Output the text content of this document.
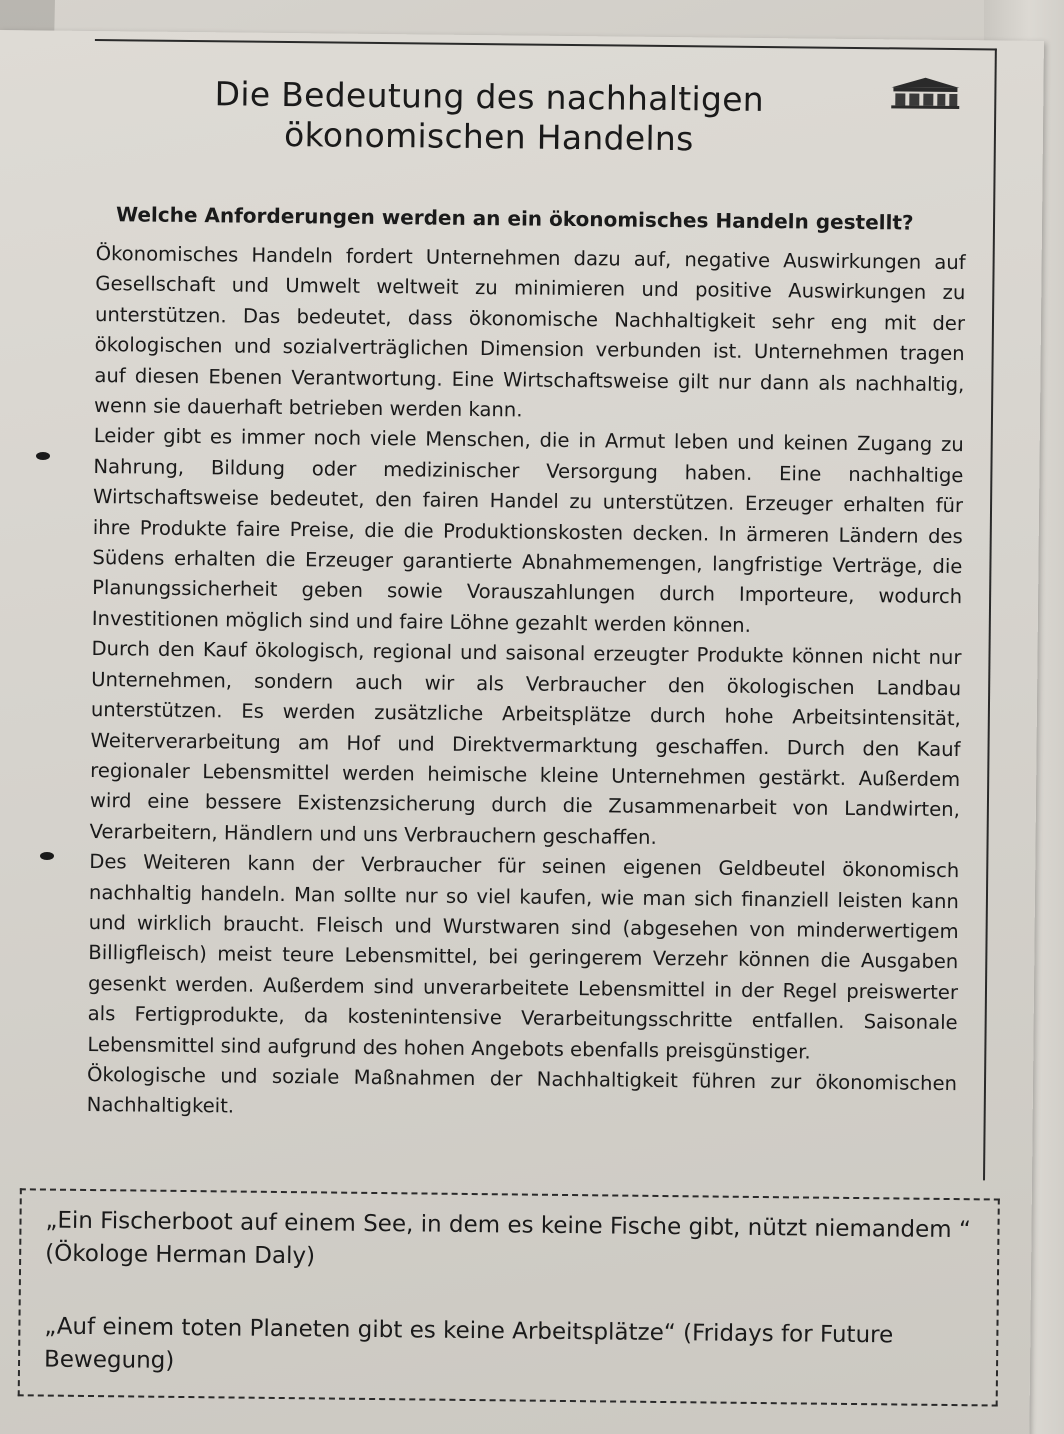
Die Bedeutung des nachhaltigen
ökonomischen Handelns
Welche Anforderungen werden an ein ökonomisches Handeln gestellt?

Ökonomisches Handeln fordert Unternehmen dazu auf, negative Auswirkungen auf Gesellschaft und Umwelt weltweit zu minimieren und positive Auswirkungen zu unterstützen. Das bedeutet, dass ökonomische Nachhaltigkeit sehr eng mit der ökologischen und sozialverträglichen Dimension verbunden ist. Unternehmen tragen auf diesen Ebenen Verantwortung. Eine Wirtschaftsweise gilt nur dann als nachhaltig, wenn sie dauerhaft betrieben werden kann.

Leider gibt es immer noch viele Menschen, die in Armut leben und keinen Zugang zu Nahrung, Bildung oder medizinischer Versorgung haben. Eine nachhaltige Wirtschaftsweise bedeutet, den fairen Handel zu unterstützen. Erzeuger erhalten für ihre Produkte faire Preise, die die Produktionskosten decken. In ärmeren Ländern des Südens erhalten die Erzeuger garantierte Abnahmemengen, langfristige Verträge, die Planungssicherheit geben sowie Vorauszahlungen durch Importeure, wodurch Investitionen möglich sind und faire Löhne gezahlt werden können.

Durch den Kauf ökologisch, regional und saisonal erzeugter Produkte können nicht nur Unternehmen, sondern auch wir als Verbraucher den ökologischen Landbau unterstützen. Es werden zusätzliche Arbeitsplätze durch hohe Arbeitsintensität, Weiterverarbeitung am Hof und Direktvermarktung geschaffen. Durch den Kauf regionaler Lebensmittel werden heimische kleine Unternehmen gestärkt. Außerdem wird eine bessere Existenzsicherung durch die Zusammenarbeit von Landwirten, Verarbeitern, Händlern und uns Verbrauchern geschaffen.

Des Weiteren kann der Verbraucher für seinen eigenen Geldbeutel ökonomisch nachhaltig handeln. Man sollte nur so viel kaufen, wie man sich finanziell leisten kann und wirklich braucht. Fleisch und Wurstwaren sind (abgesehen von minderwertigem Billigfleisch) meist teure Lebensmittel, bei geringerem Verzehr können die Ausgaben gesenkt werden. Außerdem sind unverarbeitete Lebensmittel in der Regel preiswerter als Fertigprodukte, da kostenintensive Verarbeitungsschritte entfallen. Saisonale Lebensmittel sind aufgrund des hohen Angebots ebenfalls preisgünstiger.

Ökologische und soziale Maßnahmen der Nachhaltigkeit führen zur ökonomischen Nachhaltigkeit.

„Ein Fischerboot auf einem See, in dem es keine Fische gibt, nützt niemandem “

(Ökologe Herman Daly)

„Auf einem toten Planeten gibt es keine Arbeitsplätze“ (Fridays for Future Bewegung)
